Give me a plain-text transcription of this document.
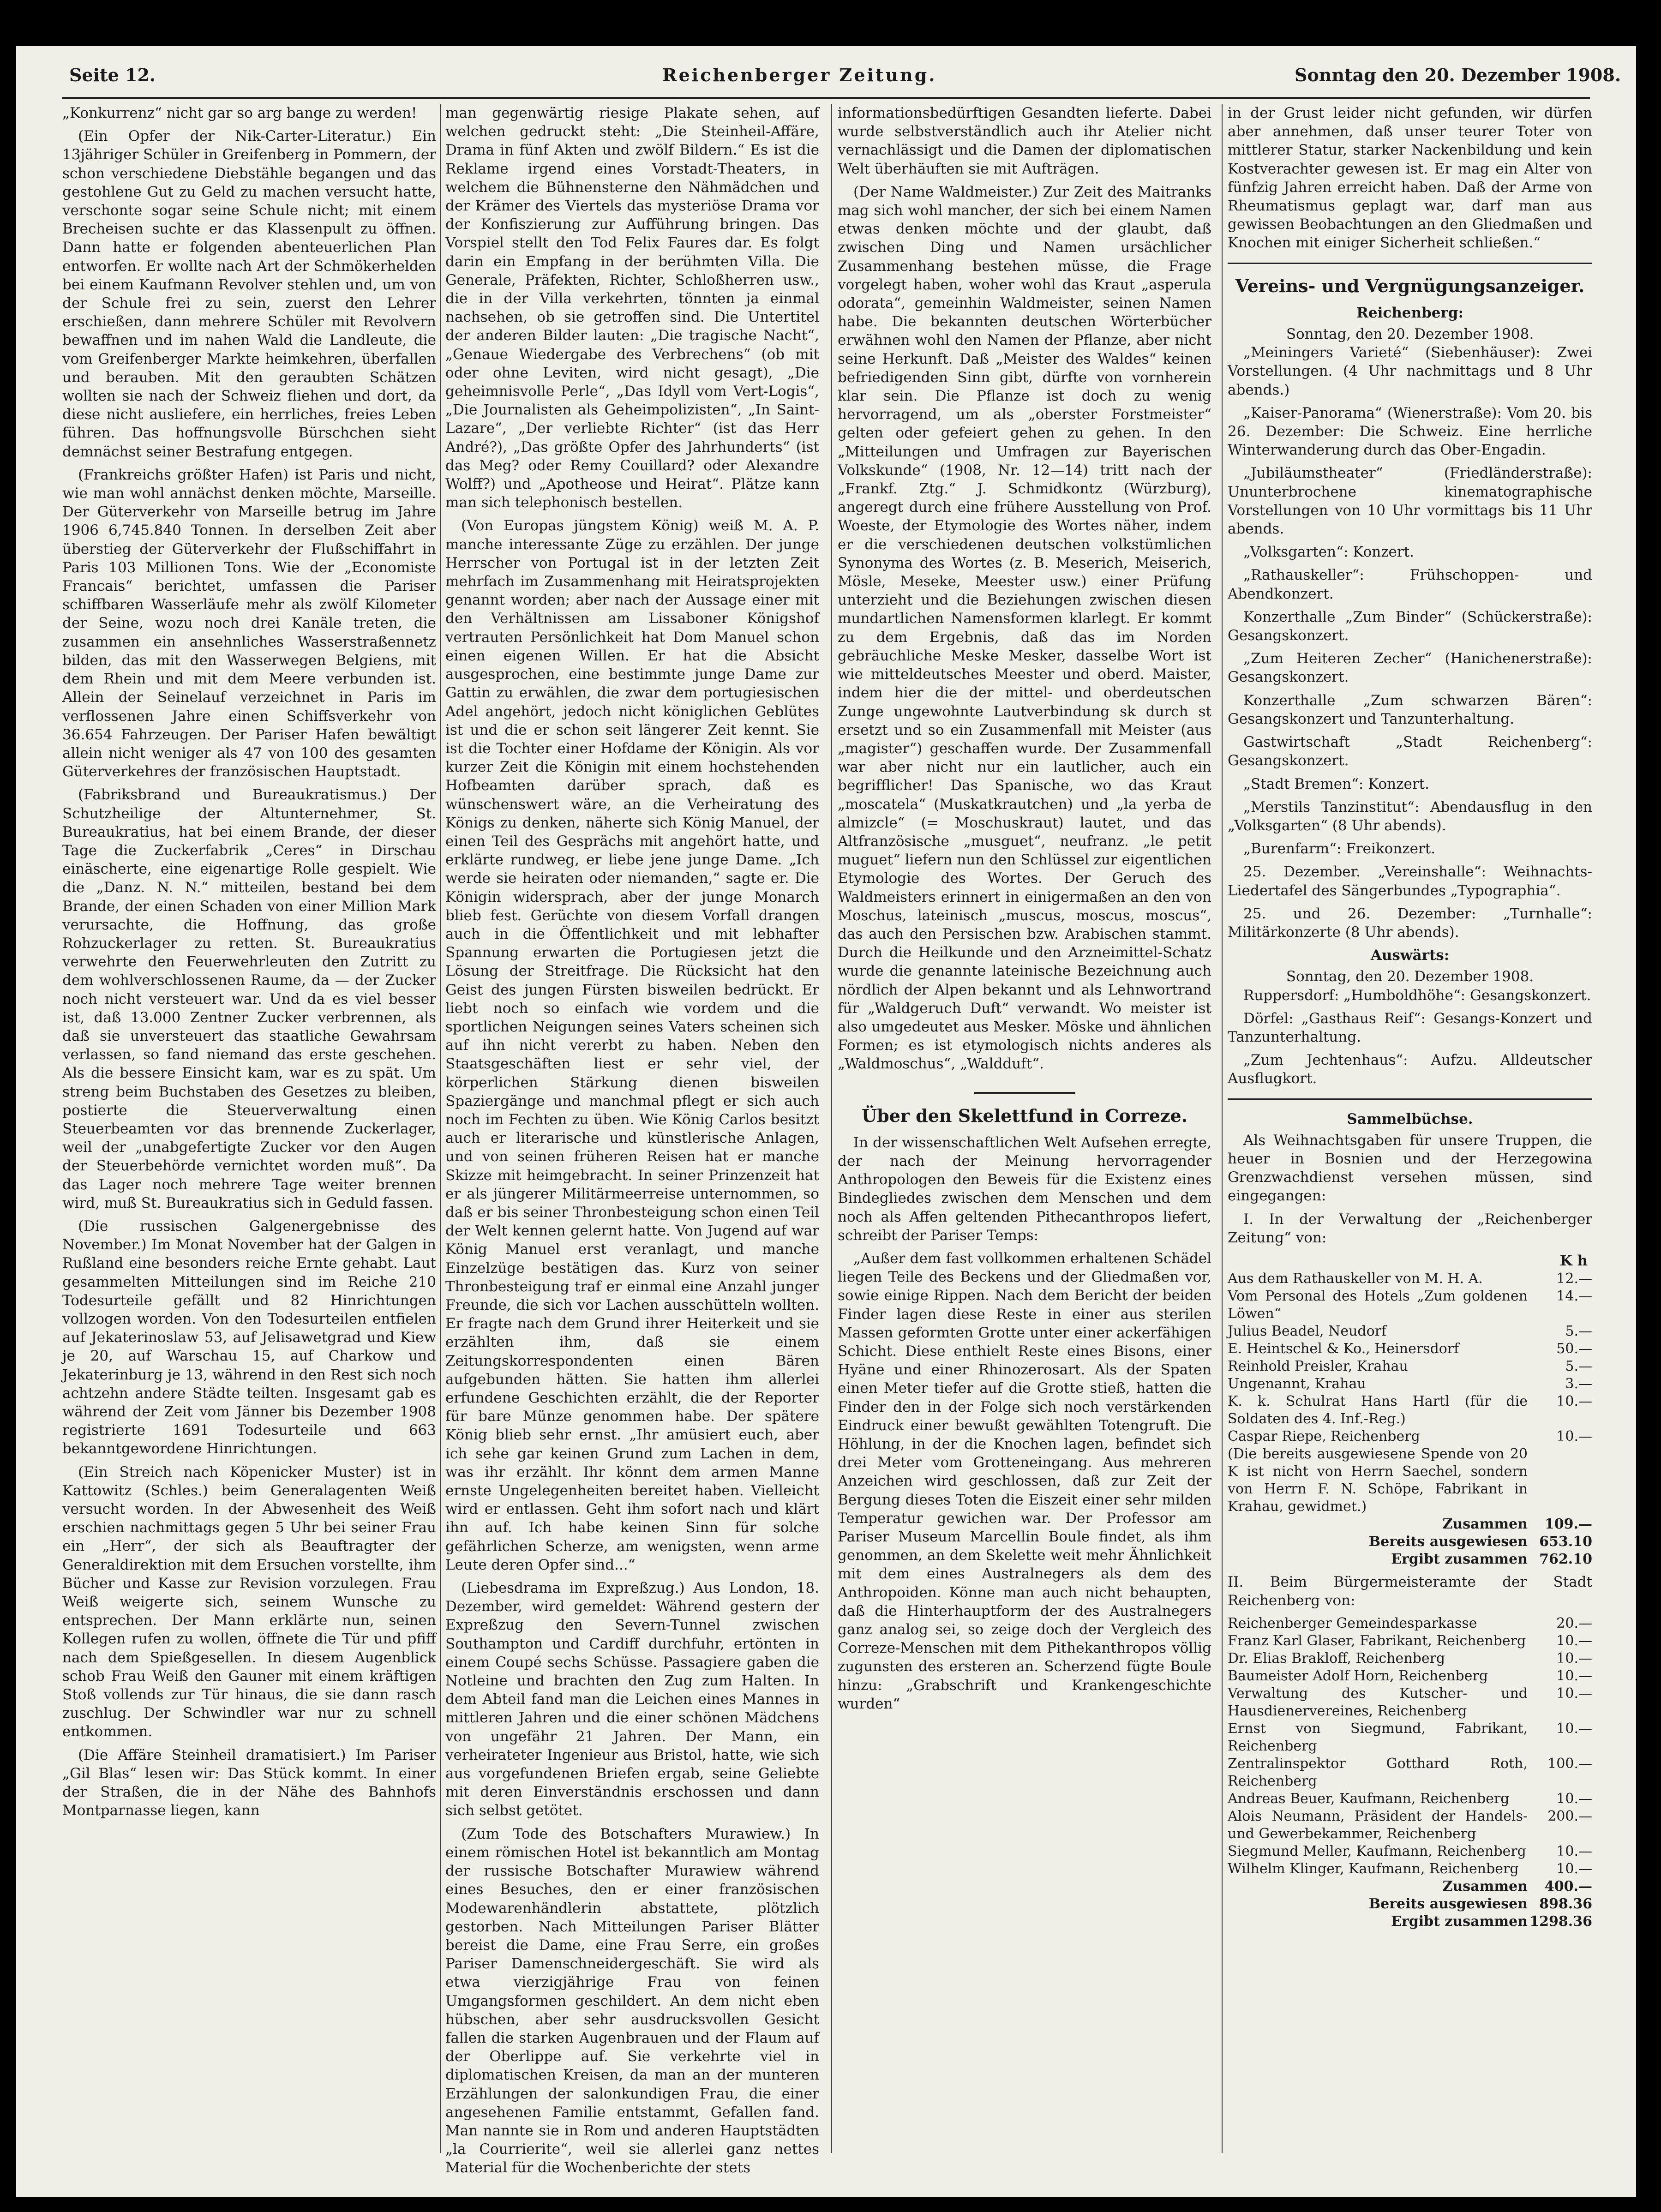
Seite 12.	Reichenberger Zeitung.	Sonntag den 20. Dezember 1908.

„Konkurrenz“ nicht gar so arg bange zu werden!

(Ein Opfer der Nik-Carter-Literatur.) Ein 13jähriger Schüler in Greifenberg in Pommern, der schon verschiedene Diebstähle begangen und das gestohlene Gut zu Geld zu machen versucht hatte, verschonte sogar seine Schule nicht; mit einem Brecheisen suchte er das Klassenpult zu öffnen. Dann hatte er folgenden abenteuerlichen Plan entworfen. Er wollte nach Art der Schmökerhelden bei einem Kaufmann Revolver stehlen und, um von der Schule frei zu sein, zuerst den Lehrer erschießen, dann mehrere Schüler mit Revolvern bewaffnen und im nahen Wald die Landleute, die vom Greifenberger Markte heimkehren, überfallen und berauben. Mit den geraubten Schätzen wollten sie nach der Schweiz fliehen und dort, da diese nicht ausliefere, ein herrliches, freies Leben führen. Das hoffnungsvolle Bürschchen sieht demnächst seiner Bestrafung entgegen.

(Frankreichs größter Hafen) ist Paris und nicht, wie man wohl annächst denken möchte, Marseille. Der Güterverkehr von Marseille betrug im Jahre 1906 6,745.840 Tonnen. In derselben Zeit aber überstieg der Güterverkehr der Flußschiffahrt in Paris 103 Millionen Tons. Wie der „Economiste Francais“ berichtet, umfassen die Pariser schiffbaren Wasserläufe mehr als zwölf Kilometer der Seine, wozu noch drei Kanäle treten, die zusammen ein ansehnliches Wasserstraßennetz bilden, das mit den Wasserwegen Belgiens, mit dem Rhein und mit dem Meere verbunden ist. Allein der Seinelauf verzeichnet in Paris im verflossenen Jahre einen Schiffsverkehr von 36.654 Fahrzeugen. Der Pariser Hafen bewältigt allein nicht weniger als 47 von 100 des gesamten Güterverkehres der französischen Hauptstadt.

(Fabriksbrand und Bureaukratismus.) Der Schutzheilige der Altunternehmer, St. Bureaukratius, hat bei einem Brande, der dieser Tage die Zuckerfabrik „Ceres“ in Dirschau einäscherte, eine eigenartige Rolle gespielt. Wie die „Danz. N. N.“ mitteilen, bestand bei dem Brande, der einen Schaden von einer Million Mark verursachte, die Hoffnung, das große Rohzuckerlager zu retten. St. Bureaukratius verwehrte den Feuerwehrleuten den Zutritt zu dem wohlverschlossenen Raume, da — der Zucker noch nicht versteuert war. Und da es viel besser ist, daß 13.000 Zentner Zucker verbrennen, als daß sie unversteuert das staatliche Gewahrsam verlassen, so fand niemand das erste geschehen. Als die bessere Einsicht kam, war es zu spät. Um streng beim Buchstaben des Gesetzes zu bleiben, postierte die Steuerverwaltung einen Steuerbeamten vor das brennende Zuckerlager, weil der „unabgefertigte Zucker vor den Augen der Steuerbehörde vernichtet worden muß“. Da das Lager noch mehrere Tage weiter brennen wird, muß St. Bureaukratius sich in Geduld fassen.

(Die russischen Galgenergebnisse des November.) Im Monat November hat der Galgen in Rußland eine besonders reiche Ernte gehabt. Laut gesammelten Mitteilungen sind im Reiche 210 Todesurteile gefällt und 82 Hinrichtungen vollzogen worden. Von den Todesurteilen entfielen auf Jekaterinoslaw 53, auf Jelisawetgrad und Kiew je 20, auf Warschau 15, auf Charkow und Jekaterinburg je 13, während in den Rest sich noch achtzehn andere Städte teilten. Insgesamt gab es während der Zeit vom Jänner bis Dezember 1908 registrierte 1691 Todesurteile und 663 bekanntgewordene Hinrichtungen.

(Ein Streich nach Köpenicker Muster) ist in Kattowitz (Schles.) beim Generalagenten Weiß versucht worden. In der Abwesenheit des Weiß erschien nachmittags gegen 5 Uhr bei seiner Frau ein „Herr“, der sich als Beauftragter der Generaldirektion mit dem Ersuchen vorstellte, ihm Bücher und Kasse zur Revision vorzulegen. Frau Weiß weigerte sich, seinem Wunsche zu entsprechen. Der Mann erklärte nun, seinen Kollegen rufen zu wollen, öffnete die Tür und pfiff nach dem Spießgesellen. In diesem Augenblick schob Frau Weiß den Gauner mit einem kräftigen Stoß vollends zur Tür hinaus, die sie dann rasch zuschlug. Der Schwindler war nur zu schnell entkommen.

(Die Affäre Steinheil dramatisiert.) Im Pariser „Gil Blas“ lesen wir: Das Stück kommt. In einer der Straßen, die in der Nähe des Bahnhofs Montparnasse liegen, kann

man gegenwärtig riesige Plakate sehen, auf welchen gedruckt steht: „Die Steinheil-Affäre, Drama in fünf Akten und zwölf Bildern.“ Es ist die Reklame irgend eines Vorstadt-Theaters, in welchem die Bühnensterne den Nähmädchen und der Krämer des Viertels das mysteriöse Drama vor der Konfiszierung zur Aufführung bringen. Das Vorspiel stellt den Tod Felix Faures dar. Es folgt darin ein Empfang in der berühmten Villa. Die Generale, Präfekten, Richter, Schloßherren usw., die in der Villa verkehrten, tönnten ja einmal nachsehen, ob sie getroffen sind. Die Untertitel der anderen Bilder lauten: „Die tragische Nacht“, „Genaue Wiedergabe des Verbrechens“ (ob mit oder ohne Leviten, wird nicht gesagt), „Die geheimnisvolle Perle“, „Das Idyll vom Vert-Logis“, „Die Journalisten als Geheimpolizisten“, „In Saint-Lazare“, „Der verliebte Richter“ (ist das Herr André?), „Das größte Opfer des Jahrhunderts“ (ist das Meg? oder Remy Couillard? oder Alexandre Wolff?) und „Apotheose und Heirat“. Plätze kann man sich telephonisch bestellen.

(Von Europas jüngstem König) weiß M. A. P. manche interessante Züge zu erzählen. Der junge Herrscher von Portugal ist in der letzten Zeit mehrfach im Zusammenhang mit Heiratsprojekten genannt worden; aber nach der Aussage einer mit den Verhältnissen am Lissaboner Königshof vertrauten Persönlichkeit hat Dom Manuel schon einen eigenen Willen. Er hat die Absicht ausgesprochen, eine bestimmte junge Dame zur Gattin zu erwählen, die zwar dem portugiesischen Adel angehört, jedoch nicht königlichen Geblütes ist und die er schon seit längerer Zeit kennt. Sie ist die Tochter einer Hofdame der Königin. Als vor kurzer Zeit die Königin mit einem hochstehenden Hofbeamten darüber sprach, daß es wünschenswert wäre, an die Verheiratung des Königs zu denken, näherte sich König Manuel, der einen Teil des Gesprächs mit angehört hatte, und erklärte rundweg, er liebe jene junge Dame. „Ich werde sie heiraten oder niemanden,“ sagte er. Die Königin widersprach, aber der junge Monarch blieb fest. Gerüchte von diesem Vorfall drangen auch in die Öffentlichkeit und mit lebhafter Spannung erwarten die Portugiesen jetzt die Lösung der Streitfrage. Die Rücksicht hat den Geist des jungen Fürsten bisweilen bedrückt. Er liebt noch so einfach wie vordem und die sportlichen Neigungen seines Vaters scheinen sich auf ihn nicht vererbt zu haben. Neben den Staatsgeschäften liest er sehr viel, der körperlichen Stärkung dienen bisweilen Spaziergänge und manchmal pflegt er sich auch noch im Fechten zu üben. Wie König Carlos besitzt auch er literarische und künstlerische Anlagen, und von seinen früheren Reisen hat er manche Skizze mit heimgebracht. In seiner Prinzenzeit hat er als jüngerer Militärmeerreise unternommen, so daß er bis seiner Thronbesteigung schon einen Teil der Welt kennen gelernt hatte. Von Jugend auf war König Manuel erst veranlagt, und manche Einzelzüge bestätigen das. Kurz von seiner Thronbesteigung traf er einmal eine Anzahl junger Freunde, die sich vor Lachen ausschütteln wollten. Er fragte nach dem Grund ihrer Heiterkeit und sie erzählten ihm, daß sie einem Zeitungskorrespondenten einen Bären aufgebunden hätten. Sie hatten ihm allerlei erfundene Geschichten erzählt, die der Reporter für bare Münze genommen habe. Der spätere König blieb sehr ernst. „Ihr amüsiert euch, aber ich sehe gar keinen Grund zum Lachen in dem, was ihr erzählt. Ihr könnt dem armen Manne ernste Ungelegenheiten bereitet haben. Vielleicht wird er entlassen. Geht ihm sofort nach und klärt ihn auf. Ich habe keinen Sinn für solche gefährlichen Scherze, am wenigsten, wenn arme Leute deren Opfer sind...“

(Liebesdrama im Expreßzug.) Aus London, 18. Dezember, wird gemeldet: Während gestern der Expreßzug den Severn-Tunnel zwischen Southampton und Cardiff durchfuhr, ertönten in einem Coupé sechs Schüsse. Passagiere gaben die Notleine und brachten den Zug zum Halten. In dem Abteil fand man die Leichen eines Mannes in mittleren Jahren und die einer schönen Mädchens von ungefähr 21 Jahren. Der Mann, ein verheirateter Ingenieur aus Bristol, hatte, wie sich aus vorgefundenen Briefen ergab, seine Geliebte mit deren Einverständnis erschossen und dann sich selbst getötet.

(Zum Tode des Botschafters Murawiew.) In einem römischen Hotel ist bekanntlich am Montag der russische Botschafter Murawiew während eines Besuches, den er einer französischen Modewarenhändlerin abstattete, plötzlich gestorben. Nach Mitteilungen Pariser Blätter bereist die Dame, eine Frau Serre, ein großes Pariser Damenschneidergeschäft. Sie wird als etwa vierzigjährige Frau von feinen Umgangsformen geschildert. An dem nicht eben hübschen, aber sehr ausdrucksvollen Gesicht fallen die starken Augenbrauen und der Flaum auf der Oberlippe auf. Sie verkehrte viel in diplomatischen Kreisen, da man an der munteren Erzählungen der salonkundigen Frau, die einer angesehenen Familie entstammt, Gefallen fand. Man nannte sie in Rom und anderen Hauptstädten „la Courrierite“, weil sie allerlei ganz nettes Material für die Wochenberichte der stets

informationsbedürftigen Gesandten lieferte. Dabei wurde selbstverständlich auch ihr Atelier nicht vernachlässigt und die Damen der diplomatischen Welt überhäuften sie mit Aufträgen.

(Der Name Waldmeister.) Zur Zeit des Maitranks mag sich wohl mancher, der sich bei einem Namen etwas denken möchte und der glaubt, daß zwischen Ding und Namen ursächlicher Zusammenhang bestehen müsse, die Frage vorgelegt haben, woher wohl das Kraut „asperula odorata“, gemeinhin Waldmeister, seinen Namen habe. Die bekannten deutschen Wörterbücher erwähnen wohl den Namen der Pflanze, aber nicht seine Herkunft. Daß „Meister des Waldes“ keinen befriedigenden Sinn gibt, dürfte von vornherein klar sein. Die Pflanze ist doch zu wenig hervorragend, um als „oberster Forstmeister“ gelten oder gefeiert gehen zu gehen. In den „Mitteilungen und Umfragen zur Bayerischen Volkskunde“ (1908, Nr. 12—14) tritt nach der „Frankf. Ztg.“ J. Schmidkontz (Würzburg), angeregt durch eine frühere Ausstellung von Prof. Woeste, der Etymologie des Wortes näher, indem er die verschiedenen deutschen volkstümlichen Synonyma des Wortes (z. B. Meserich, Meiserich, Mösle, Meseke, Meester usw.) einer Prüfung unterzieht und die Beziehungen zwischen diesen mundartlichen Namensformen klarlegt. Er kommt zu dem Ergebnis, daß das im Norden gebräuchliche Meske Mesker, dasselbe Wort ist wie mitteldeutsches Meester und oberd. Maister, indem hier die der mittel- und oberdeutschen Zunge ungewohnte Lautverbindung sk durch st ersetzt und so ein Zusammenfall mit Meister (aus „magister“) geschaffen wurde. Der Zusammenfall war aber nicht nur ein lautlicher, auch ein begrifflicher! Das Spanische, wo das Kraut „moscatela“ (Muskatkrautchen) und „la yerba de almizcle“ (= Moschuskraut) lautet, und das Altfranzösische „musguet“, neufranz. „le petit muguet“ liefern nun den Schlüssel zur eigentlichen Etymologie des Wortes. Der Geruch des Waldmeisters erinnert in einigermaßen an den von Moschus, lateinisch „muscus, moscus, moscus“, das auch den Persischen bzw. Arabischen stammt. Durch die Heilkunde und den Arzneimittel-Schatz wurde die genannte lateinische Bezeichnung auch nördlich der Alpen bekannt und als Lehnwortrand für „Waldgeruch Duft“ verwandt. Wo meister ist also umgedeutet aus Mesker. Möske und ähnlichen Formen; es ist etymologisch nichts anderes als „Waldmoschus“, „Waldduft“.

Über den Skelettfund in Correze.

In der wissenschaftlichen Welt Aufsehen erregte, der nach der Meinung hervorragender Anthropologen den Beweis für die Existenz eines Bindegliedes zwischen dem Menschen und dem noch als Affen geltenden Pithecanthropos liefert, schreibt der Pariser Temps:

„Außer dem fast vollkommen erhaltenen Schädel liegen Teile des Beckens und der Gliedmaßen vor, sowie einige Rippen. Nach dem Bericht der beiden Finder lagen diese Reste in einer aus sterilen Massen geformten Grotte unter einer ackerfähigen Schicht. Diese enthielt Reste eines Bisons, einer Hyäne und einer Rhinozerosart. Als der Spaten einen Meter tiefer auf die Grotte stieß, hatten die Finder den in der Folge sich noch verstärkenden Eindruck einer bewußt gewählten Totengruft. Die Höhlung, in der die Knochen lagen, befindet sich drei Meter vom Grotteneingang. Aus mehreren Anzeichen wird geschlossen, daß zur Zeit der Bergung dieses Toten die Eiszeit einer sehr milden Temperatur gewichen war. Der Professor am Pariser Museum Marcellin Boule findet, als ihm genommen, an dem Skelette weit mehr Ähnlichkeit mit dem eines Australnegers als dem des Anthropoiden. Könne man auch nicht behaupten, daß die Hinterhauptform der des Australnegers ganz analog sei, so zeige doch der Vergleich des Correze-Menschen mit dem Pithekanthropos völlig zugunsten des ersteren an. Scherzend fügte Boule hinzu: „Grabschrift und Krankengeschichte wurden“

in der Grust leider nicht gefunden, wir dürfen aber annehmen, daß unser teurer Toter von mittlerer Statur, starker Nackenbildung und kein Kostverachter gewesen ist. Er mag ein Alter von fünfzig Jahren erreicht haben. Daß der Arme von Rheumatismus geplagt war, darf man aus gewissen Beobachtungen an den Gliedmaßen und Knochen mit einiger Sicherheit schließen.“

Vereins- und Vergnügungsanzeiger.
Reichenberg:
Sonntag, den 20. Dezember 1908.

„Meiningers Varieté“ (Siebenhäuser): Zwei Vorstellungen. (4 Uhr nachmittags und 8 Uhr abends.)

„Kaiser-Panorama“ (Wienerstraße): Vom 20. bis 26. Dezember: Die Schweiz. Eine herrliche Winterwanderung durch das Ober-Engadin.

„Jubiläumstheater“ (Friedländerstraße): Ununterbrochene kinematographische Vorstellungen von 10 Uhr vormittags bis 11 Uhr abends.

„Volksgarten“: Konzert.

„Rathauskeller“: Frühschoppen- und Abendkonzert.

Konzerthalle „Zum Binder“ (Schückerstraße): Gesangskonzert.

„Zum Heiteren Zecher“ (Hanichenerstraße): Gesangskonzert.

Konzerthalle „Zum schwarzen Bären“: Gesangskonzert und Tanzunterhaltung.

Gastwirtschaft „Stadt Reichenberg“: Gesangskonzert.

„Stadt Bremen“: Konzert.

„Merstils Tanzinstitut“: Abendausflug in den „Volksgarten“ (8 Uhr abends).

„Burenfarm“: Freikonzert.

25. Dezember. „Vereinshalle“: Weihnachts-Liedertafel des Sängerbundes „Typographia“.

25. und 26. Dezember: „Turnhalle“: Militärkonzerte (8 Uhr abends).

Auswärts:
Sonntag, den 20. Dezember 1908.

Ruppersdorf: „Humboldhöhe“: Gesangskonzert.

Dörfel: „Gasthaus Reif“: Gesangs-Konzert und Tanzunterhaltung.

„Zum Jechtenhaus“: Aufzu. Alldeutscher Ausflugkort.

Sammelbüchse.

Als Weihnachtsgaben für unsere Truppen, die heuer in Bosnien und der Herzegowina Grenzwachdienst versehen müssen, sind eingegangen:

I. In der Verwaltung der „Reichenberger Zeitung“ von:

K h
Aus dem Rathauskeller von M. H. A.	12.—
Vom Personal des Hotels „Zum goldenen Löwen“	14.—
Julius Beadel, Neudorf	5.—
E. Heintschel & Ko., Heinersdorf	50.—
Reinhold Preisler, Krahau	5.—
Ungenannt, Krahau	3.—
K. k. Schulrat Hans Hartl (für die Soldaten des 4. Inf.-Reg.)	10.—
Caspar Riepe, Reichenberg	10.—
(Die bereits ausgewiesene Spende von 20 K ist nicht von Herrn Saechel, sondern von Herrn F. N. Schöpe, Fabrikant in Krahau, gewidmet.)	
Zusammen	109.—
Bereits ausgewiesen	653.10
Ergibt zusammen	762.10

II. Beim Bürgermeisteramte der Stadt Reichenberg von:

Reichenberger Gemeindesparkasse	20.—
Franz Karl Glaser, Fabrikant, Reichenberg	10.—
Dr. Elias Brakloff, Reichenberg	10.—
Baumeister Adolf Horn, Reichenberg	10.—
Verwaltung des Kutscher- und Hausdienervereines, Reichenberg	10.—
Ernst von Siegmund, Fabrikant, Reichenberg	10.—
Zentralinspektor Gotthard Roth, Reichenberg	100.—
Andreas Beuer, Kaufmann, Reichenberg	10.—
Alois Neumann, Präsident der Handels- und Gewerbekammer, Reichenberg	200.—
Siegmund Meller, Kaufmann, Reichenberg	10.—
Wilhelm Klinger, Kaufmann, Reichenberg	10.—
Zusammen	400.—
Bereits ausgewiesen	898.36
Ergibt zusammen	1298.36
